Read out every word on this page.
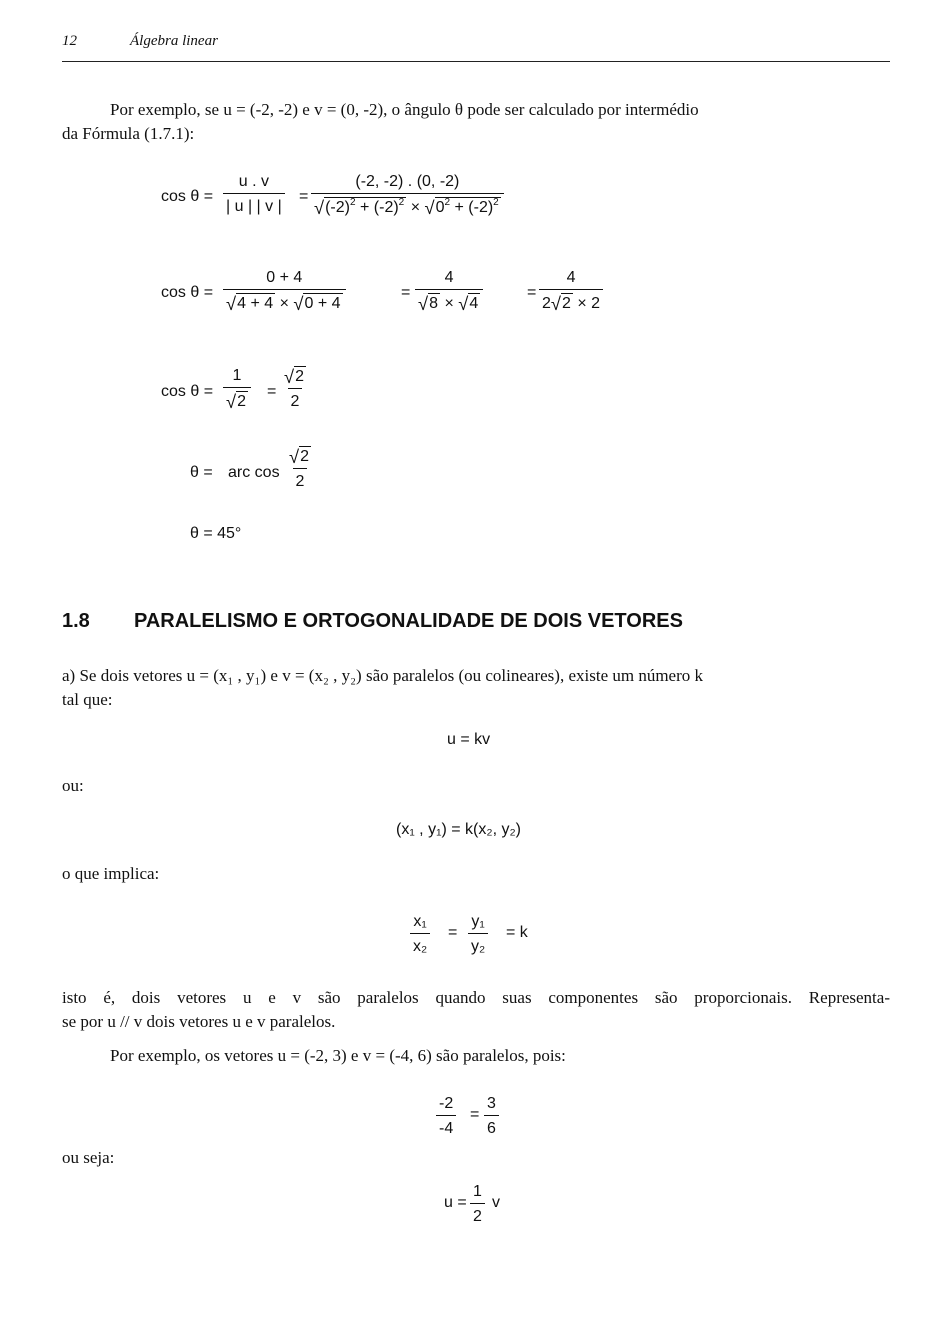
12	Álgebra linear
Por exemplo, se u = (-2, -2) e v = (0, -2), o ângulo θ pode ser calculado por intermédio
da Fórmula (1.7.1):
$\cos \theta = \frac{u . v}{| u | | v |} = \frac{(-2, -2) . (0, -2)}{√ (-2)^2 + (-2)^2 \times √ 0^2 + (-2)^2}$
$\cos \theta = \frac{0 + 4}{√ 4 + 4 \times √ 0 + 4}$	= $\frac{4}{√ 8 \times √ 4}$	= $\frac{4}{2 √ 2 \times 2}$
$\cos \theta = \frac{1}{√ 2} = \frac{√ 2}{2}$
θ = arc $\cos \frac{√ 2}{2}$
θ = 45°
1.8 PARALELISMO E ORTOGONALIDADE DE DOIS VETORES
a) Se dois vetores u = (x₁ , y₁) e v = (x₂ , y₂) são paralelos (ou colineares), existe um número k
tal que:
u = kv
ou:
(x₁ , y₁) = k(x₂, y₂)
o que implica:
$\frac{\text{x₁}}{\text{x₂}} = \frac{\text{y₁}}{\text{y₂}} = k$
isto é, dois vetores u e v são paralelos quando suas componentes são proporcionais. Representa-
se por u // v dois vetores u e v paralelos.
Por exemplo, os vetores u = (-2, 3) e v = (-4, 6) são paralelos, pois:
$\frac{-2}{-4} = \frac{3}{6}$
ou seja:
$u = \frac{1}{2}$ v
